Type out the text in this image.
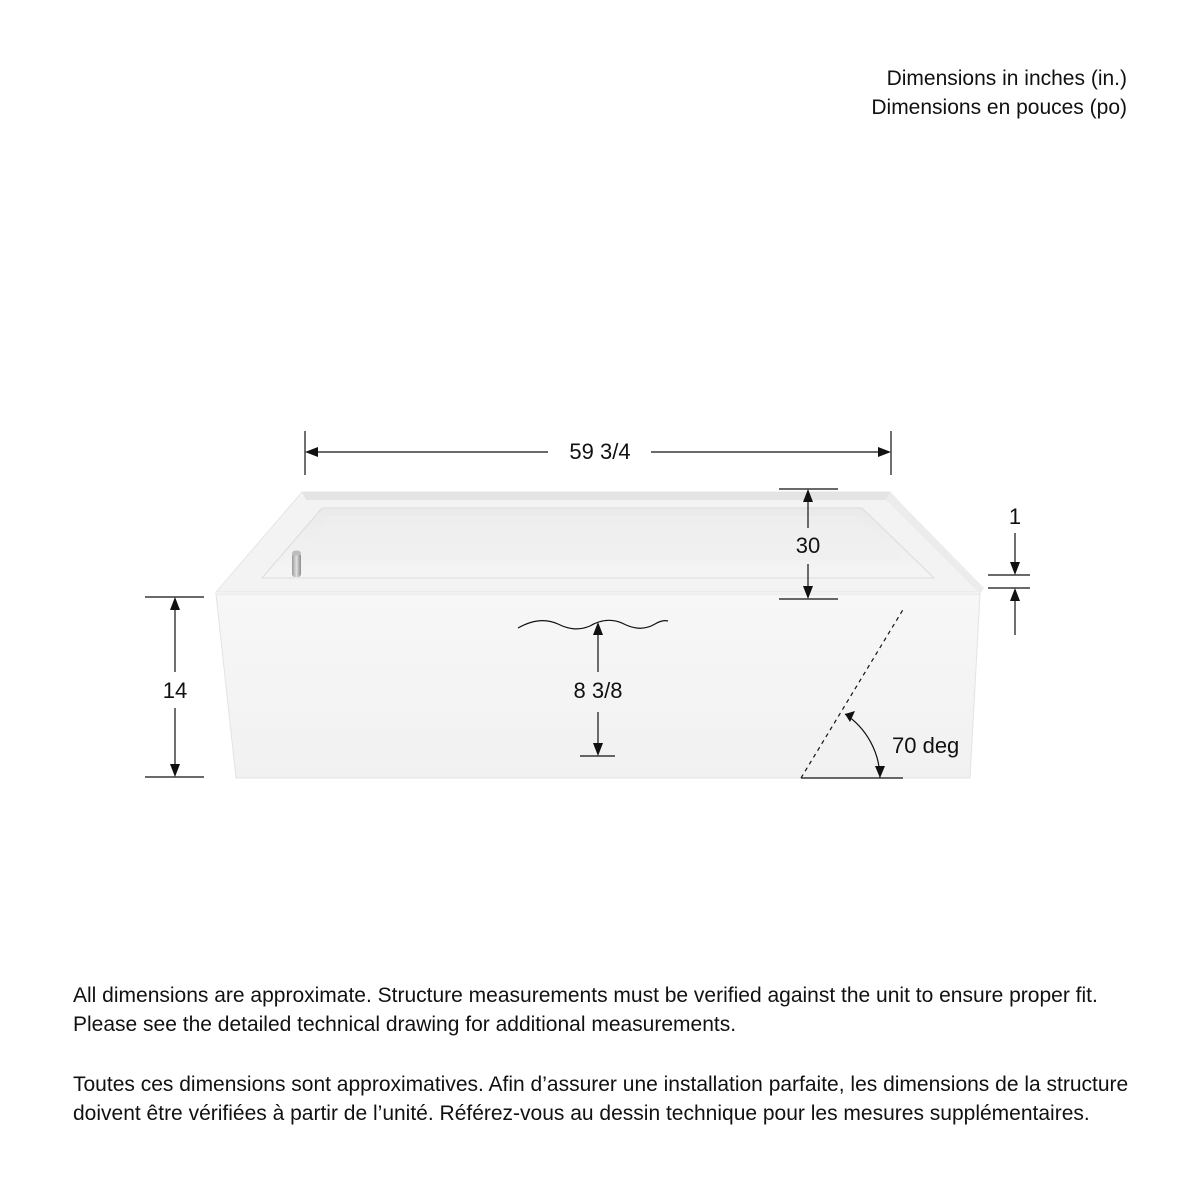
Dimensions in inches (in.)
Dimensions en pouces (po)
59 3/4
30
1
14	8 3/8
70 deg

All dimensions are approximate. Structure measurements must be verified against the unit to ensure proper fit. Please see the detailed technical drawing for additional measurements.

Toutes ces dimensions sont approximatives. Afin d’assurer une installation parfaite, les dimensions de la structure doivent être vérifiées à partir de l’unité. Référez-vous au dessin technique pour les mesures supplémentaires.
